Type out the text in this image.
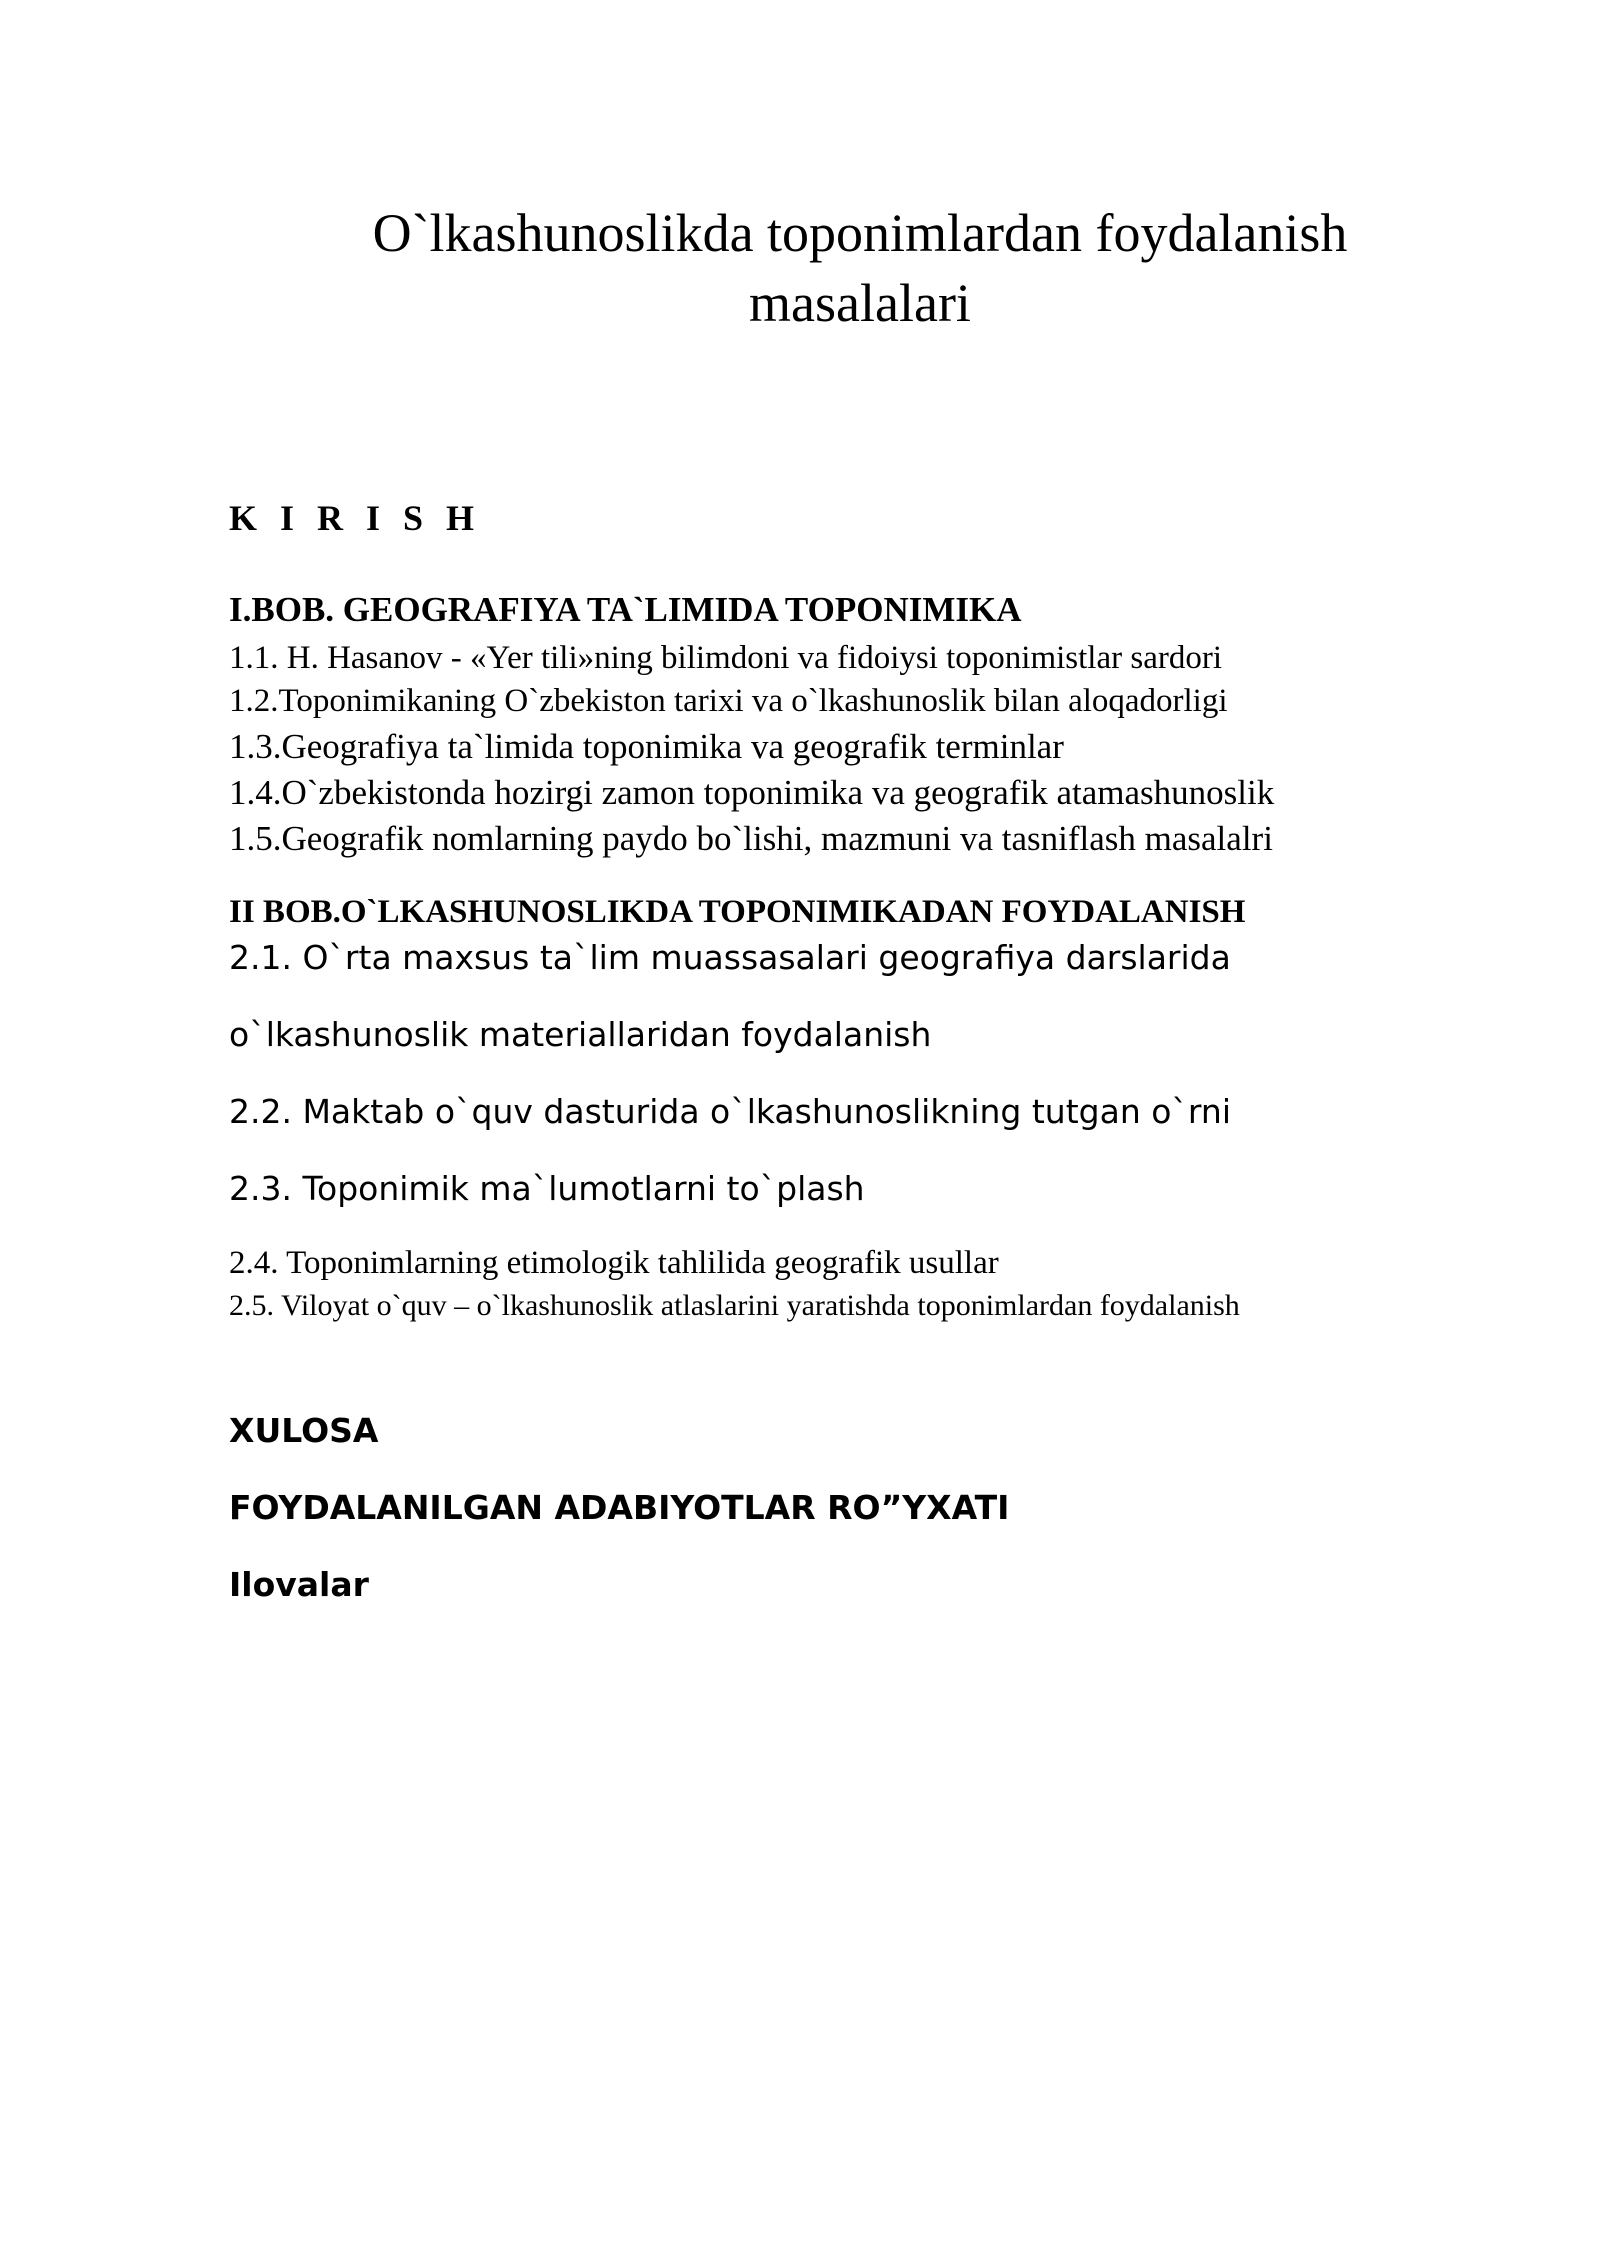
O`lkashunoslikda toponimlardan foydalanish
masalalari

K I R I S H

I.BOB. GEOGRAFIYA TA`LIMIDA TOPONIMIKA

1.1. H. Hasanov - «Yer tili»ning bilimdoni va fidoiysi toponimistlar sardori

1.2.Toponimikaning O`zbekiston tarixi va o`lkashunoslik bilan aloqadorligi

1.3.Geografiya ta`limida toponimika va geografik terminlar

1.4.O`zbekistonda hozirgi zamon toponimika va geografik atamashunoslik

1.5.Geografik nomlarning paydo bo`lishi, mazmuni va tasniflash masalalri

II BOB.O`LKASHUNOSLIKDA TOPONIMIKADAN FOYDALANISH

2.1. O`rta maxsus ta`lim muassasalari geografiya darslarida

o`lkashunoslik materiallaridan foydalanish

2.2. Maktab o`quv dasturida o`lkashunoslikning tutgan o`rni

2.3. Toponimik ma`lumotlarni to`plash

2.4. Toponimlarning etimologik tahlilida geografik usullar

2.5. Viloyat o`quv – o`lkashunoslik atlaslarini yaratishda toponimlardan foydalanish

XULOSA

FOYDALANILGAN ADABIYOTLAR RO”YXATI

Ilovalar
